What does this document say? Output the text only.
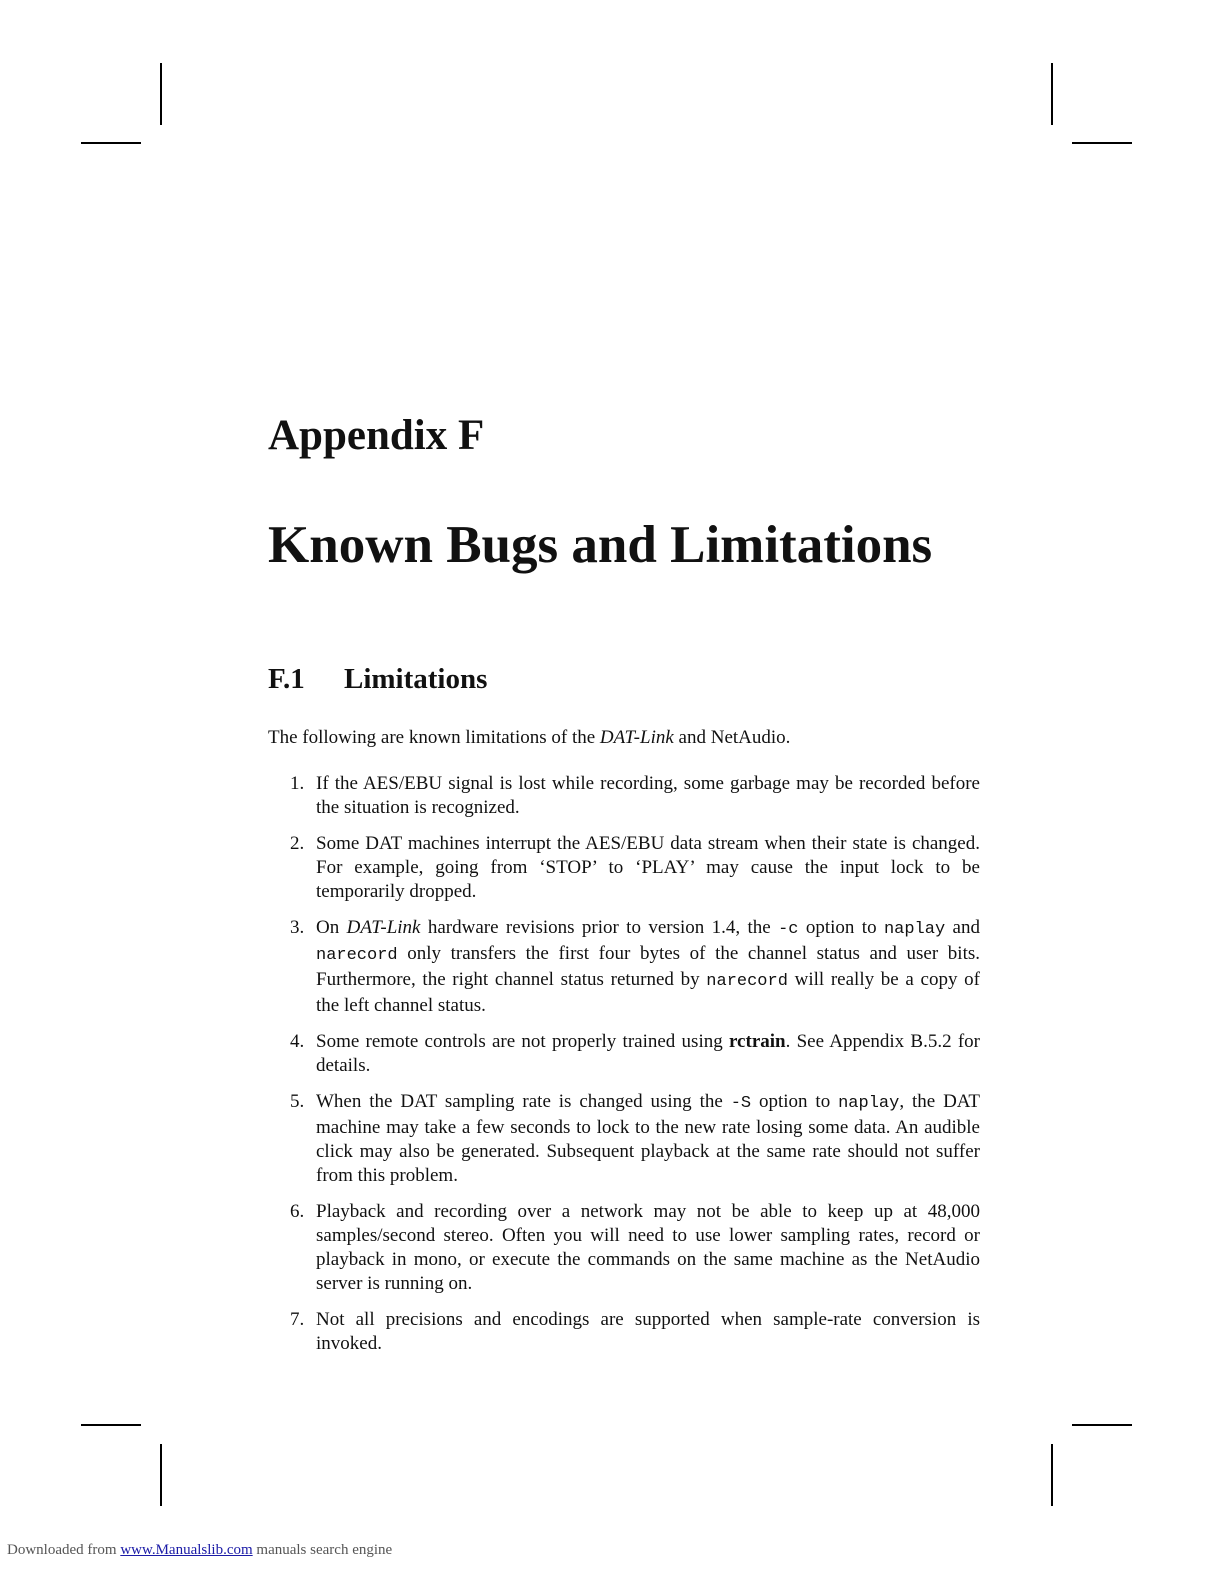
Appendix F
Known Bugs and Limitations
F.1 Limitations

The following are known limitations of the DAT-Link and NetAudio.

1. If the AES/EBU signal is lost while recording, some garbage may be recorded before the situation is recognized.
2. Some DAT machines interrupt the AES/EBU data stream when their state is changed. For example, going from ‘STOP’ to ‘PLAY’ may cause the input lock to be temporarily dropped.
3. On DAT-Link hardware revisions prior to version 1.4, the -c option to naplay and narecord only transfers the first four bytes of the channel status and user bits. Furthermore, the right channel status returned by narecord will really be a copy of the left channel status.
4. Some remote controls are not properly trained using rctrain. See Appendix B.5.2 for details.
5. When the DAT sampling rate is changed using the -S option to naplay, the DAT machine may take a few seconds to lock to the new rate losing some data. An audible click may also be generated. Subsequent playback at the same rate should not suffer from this problem.
6. Playback and recording over a network may not be able to keep up at 48,000 samples/second stereo. Often you will need to use lower sampling rates, record or playback in mono, or execute the commands on the same machine as the NetAudio server is running on.
7. Not all precisions and encodings are supported when sample-rate conversion is invoked.
Downloaded from www.Manualslib.com manuals search engine
